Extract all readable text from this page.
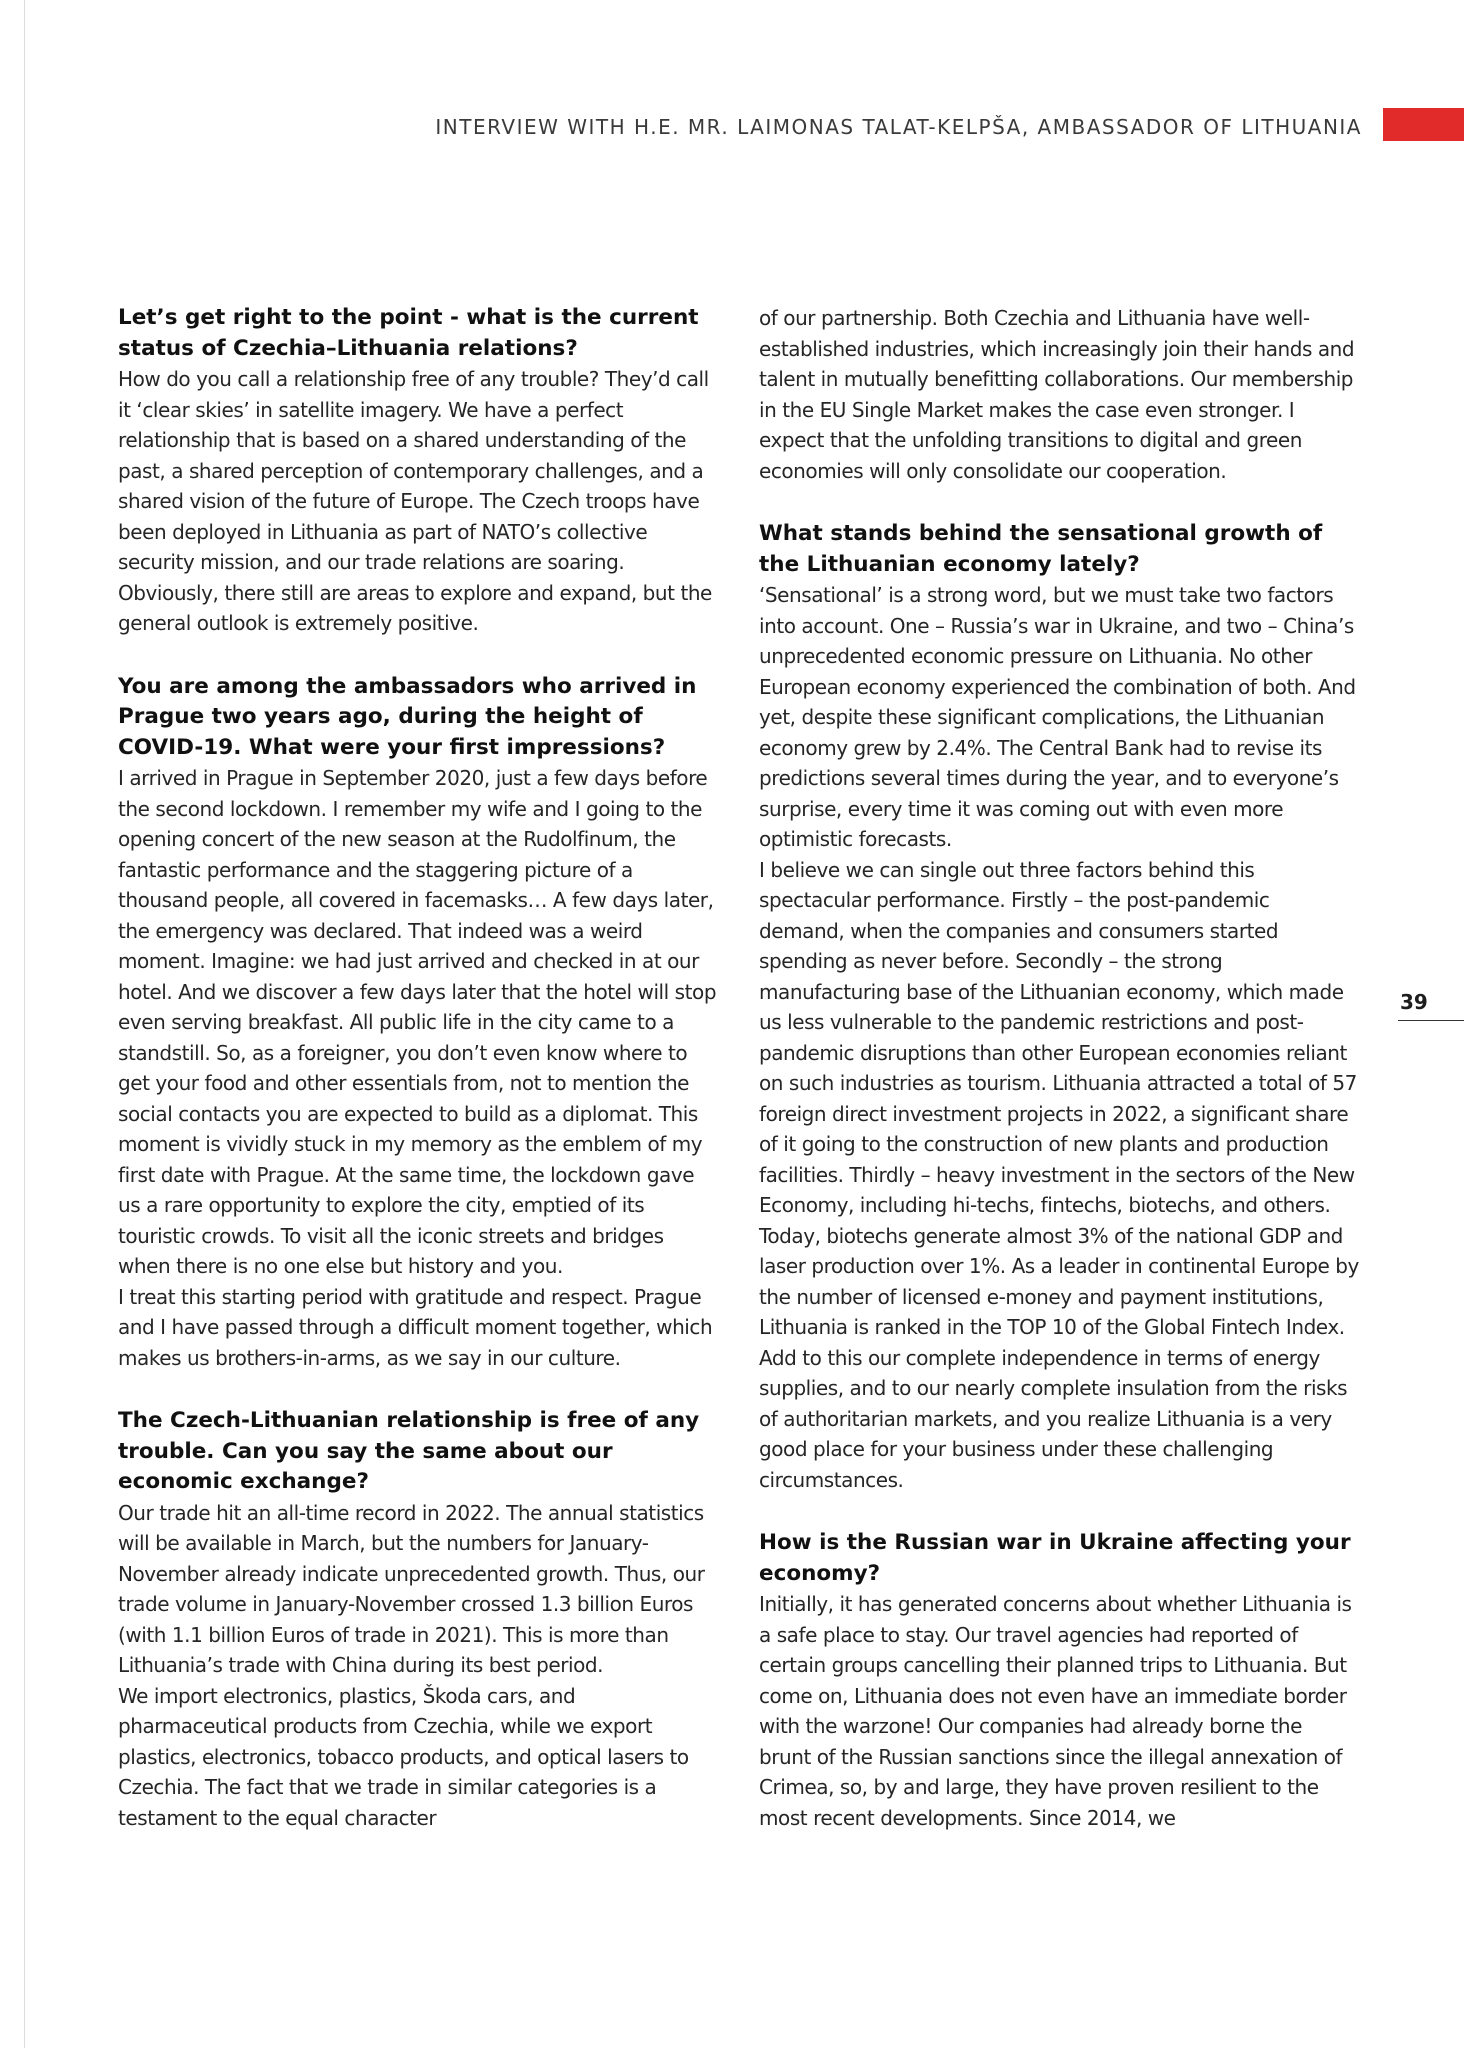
INTERVIEW WITH H.E. MR. LAIMONAS TALAT-KELPŠA, AMBASSADOR OF LITHUANIA
39
Let’s get right to the point - what is the current status of Czechia–Lithuania relations?

How do you call a relationship free of any trouble? They’d call it ‘clear skies’ in satellite imagery. We have a perfect relationship that is based on a shared understanding of the past, a shared perception of contemporary challenges, and a shared vision of the future of Europe. The Czech troops have been deployed in Lithuania as part of NATO’s collective security mission, and our trade relations are soaring. Obviously, there still are areas to explore and expand, but the general outlook is extremely positive.

You are among the ambassadors who arrived in Prague two years ago, during the height of COVID-19. What were your first impressions?

I arrived in Prague in September 2020, just a few days before the second lockdown. I remember my wife and I going to the opening concert of the new season at the Rudolfinum, the fantastic performance and the staggering picture of a thousand people, all covered in facemasks… A few days later, the emergency was declared. That indeed was a weird moment. Imagine: we had just arrived and checked in at our hotel. And we discover a few days later that the hotel will stop even serving breakfast. All public life in the city came to a standstill. So, as a foreigner, you don’t even know where to get your food and other essentials from, not to mention the social contacts you are expected to build as a diplomat. This moment is vividly stuck in my memory as the emblem of my first date with Prague. At the same time, the lockdown gave us a rare opportunity to explore the city, emptied of its touristic crowds. To visit all the iconic streets and bridges when there is no one else but history and you.

I treat this starting period with gratitude and respect. Prague and I have passed through a difficult moment together, which makes us brothers-in-arms, as we say in our culture.

The Czech-Lithuanian relationship is free of any trouble. Can you say the same about our economic exchange?

Our trade hit an all-time record in 2022. The annual statistics will be available in March, but the numbers for January-November already indicate unprecedented growth. Thus, our trade volume in January-November crossed 1.3 billion Euros (with 1.1 billion Euros of trade in 2021). This is more than Lithuania’s trade with China during its best period.

We import electronics, plastics, Škoda cars, and pharmaceutical products from Czechia, while we export plastics, electronics, tobacco products, and optical lasers to Czechia. The fact that we trade in similar categories is a testament to the equal character

of our partnership. Both Czechia and Lithuania have well-established industries, which increasingly join their hands and talent in mutually benefitting collaborations. Our membership in the EU Single Market makes the case even stronger. I expect that the unfolding transitions to digital and green economies will only consolidate our cooperation.

What stands behind the sensational growth of the Lithuanian economy lately?

‘Sensational’ is a strong word, but we must take two factors into account. One – Russia’s war in Ukraine, and two – China’s unprecedented economic pressure on Lithuania. No other European economy experienced the combination of both. And yet, despite these significant complications, the Lithuanian economy grew by 2.4%. The Central Bank had to revise its predictions several times during the year, and to everyone’s surprise, every time it was coming out with even more optimistic forecasts.

I believe we can single out three factors behind this spectacular performance. Firstly – the post-pandemic demand, when the companies and consumers started spending as never before. Secondly – the strong manufacturing base of the Lithuanian economy, which made us less vulnerable to the pandemic restrictions and post-pandemic disruptions than other European economies reliant on such industries as tourism. Lithuania attracted a total of 57 foreign direct investment projects in 2022, a significant share of it going to the construction of new plants and production facilities. Thirdly – heavy investment in the sectors of the New Economy, including hi-techs, fintechs, biotechs, and others. Today, biotechs generate almost 3% of the national GDP and laser production over 1%. As a leader in continental Europe by the number of licensed e-money and payment institutions, Lithuania is ranked in the TOP 10 of the Global Fintech Index. Add to this our complete independence in terms of energy supplies, and to our nearly complete insulation from the risks of authoritarian markets, and you realize Lithuania is a very good place for your business under these challenging circumstances.

How is the Russian war in Ukraine affecting your economy?

Initially, it has generated concerns about whether Lithuania is a safe place to stay. Our travel agencies had reported of certain groups cancelling their planned trips to Lithuania. But come on, Lithuania does not even have an immediate border with the warzone! Our companies had already borne the brunt of the Russian sanctions since the illegal annexation of Crimea, so, by and large, they have proven resilient to the most recent developments. Since 2014, we
